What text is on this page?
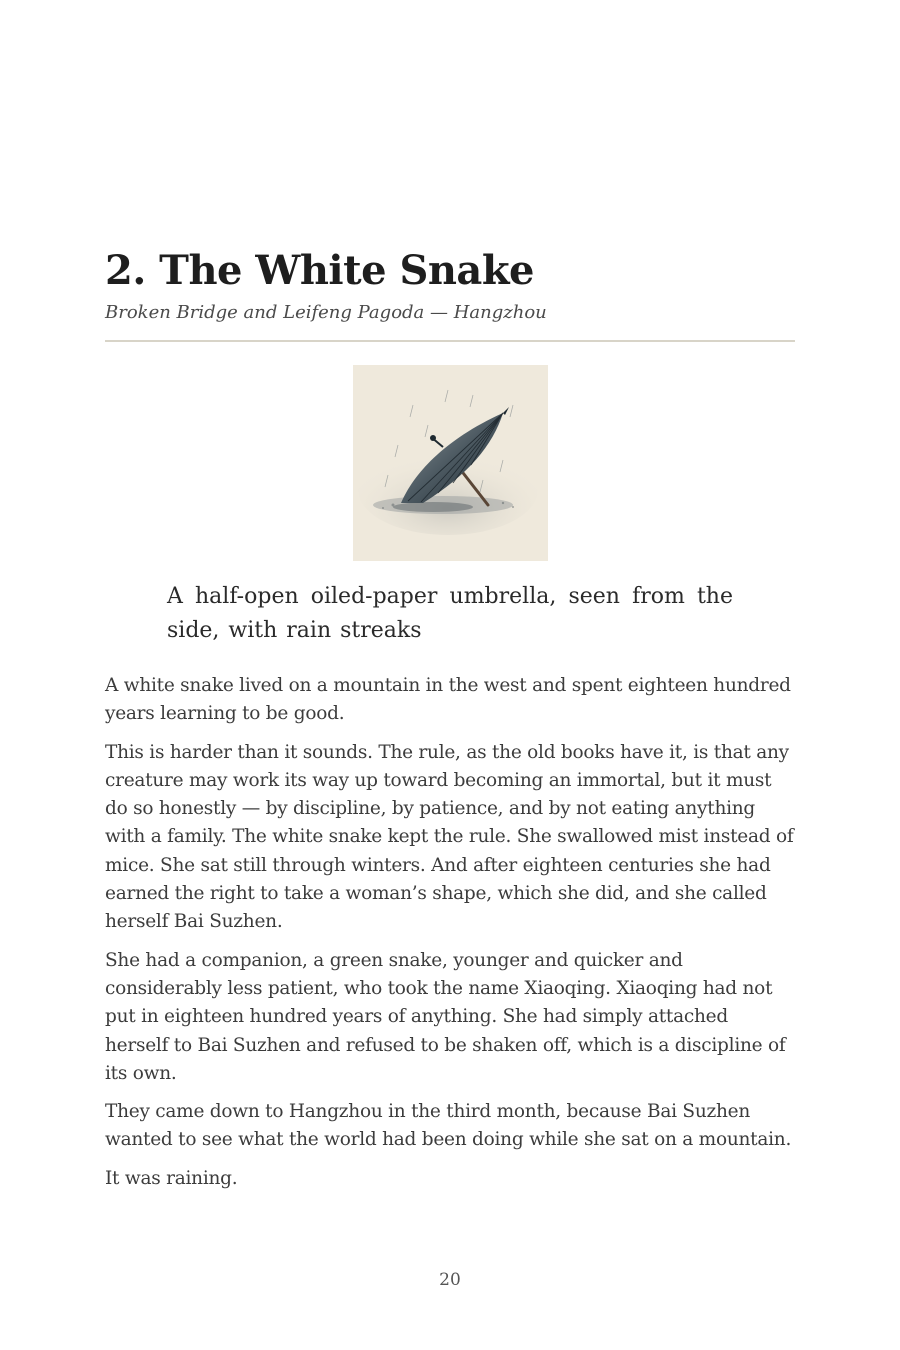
2. The White Snake
Broken Bridge and Leifeng Pagoda — Hangzhou

A half-open oiled-paper umbrella, seen from the side, with rain streaks

A white snake lived on a mountain in the west and spent eighteen hundred years learning to be good.

This is harder than it sounds. The rule, as the old books have it, is that any creature may work its way up toward becoming an immortal, but it must do so honestly — by discipline, by patience, and by not eating anything with a family. The white snake kept the rule. She swallowed mist instead of mice. She sat still through winters. And after eighteen centuries she had earned the right to take a woman’s shape, which she did, and she called herself Bai Suzhen.

She had a companion, a green snake, younger and quicker and considerably less patient, who took the name Xiaoqing. Xiaoqing had not put in eighteen hundred years of anything. She had simply attached herself to Bai Suzhen and refused to be shaken off, which is a discipline of its own.

They came down to Hangzhou in the third month, because Bai Suzhen wanted to see what the world had been doing while she sat on a mountain.

It was raining.

20
